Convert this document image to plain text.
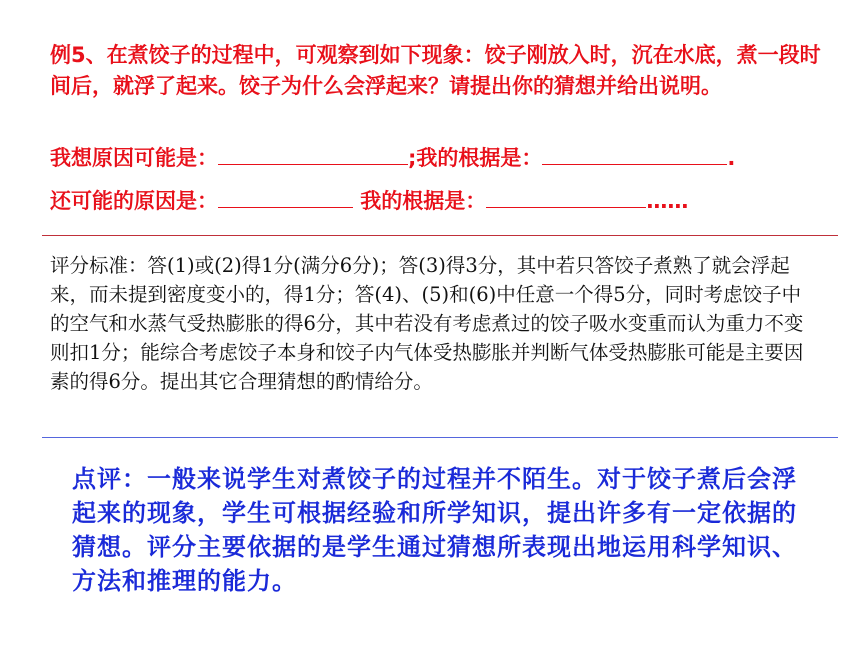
例5、在煮饺子的过程中，可观察到如下现象：饺子刚放入时，沉在水底，煮一段时间后，就浮了起来。饺子为什么会浮起来？请提出你的猜想并给出说明。
我想原因可能是：	;我的根据是：	.
还可能的原因是：	我的根据是：	……
评分标准：答(1)或(2)得1分(满分6分)；答(3)得3分，其中若只答饺子煮熟了就会浮起来，而未提到密度变小的，得1分；答(4)、(5)和(6)中任意一个得5分，同时考虑饺子中的空气和水蒸气受热膨胀的得6分，其中若没有考虑煮过的饺子吸水变重而认为重力不变则扣1分；能综合考虑饺子本身和饺子内气体受热膨胀并判断气体受热膨胀可能是主要因素的得6分。提出其它合理猜想的酌情给分。
点评：一般来说学生对煮饺子的过程并不陌生。对于饺子煮后会浮起来的现象，学生可根据经验和所学知识，提出许多有一定依据的猜想。评分主要依据的是学生通过猜想所表现出地运用科学知识、方法和推理的能力。
